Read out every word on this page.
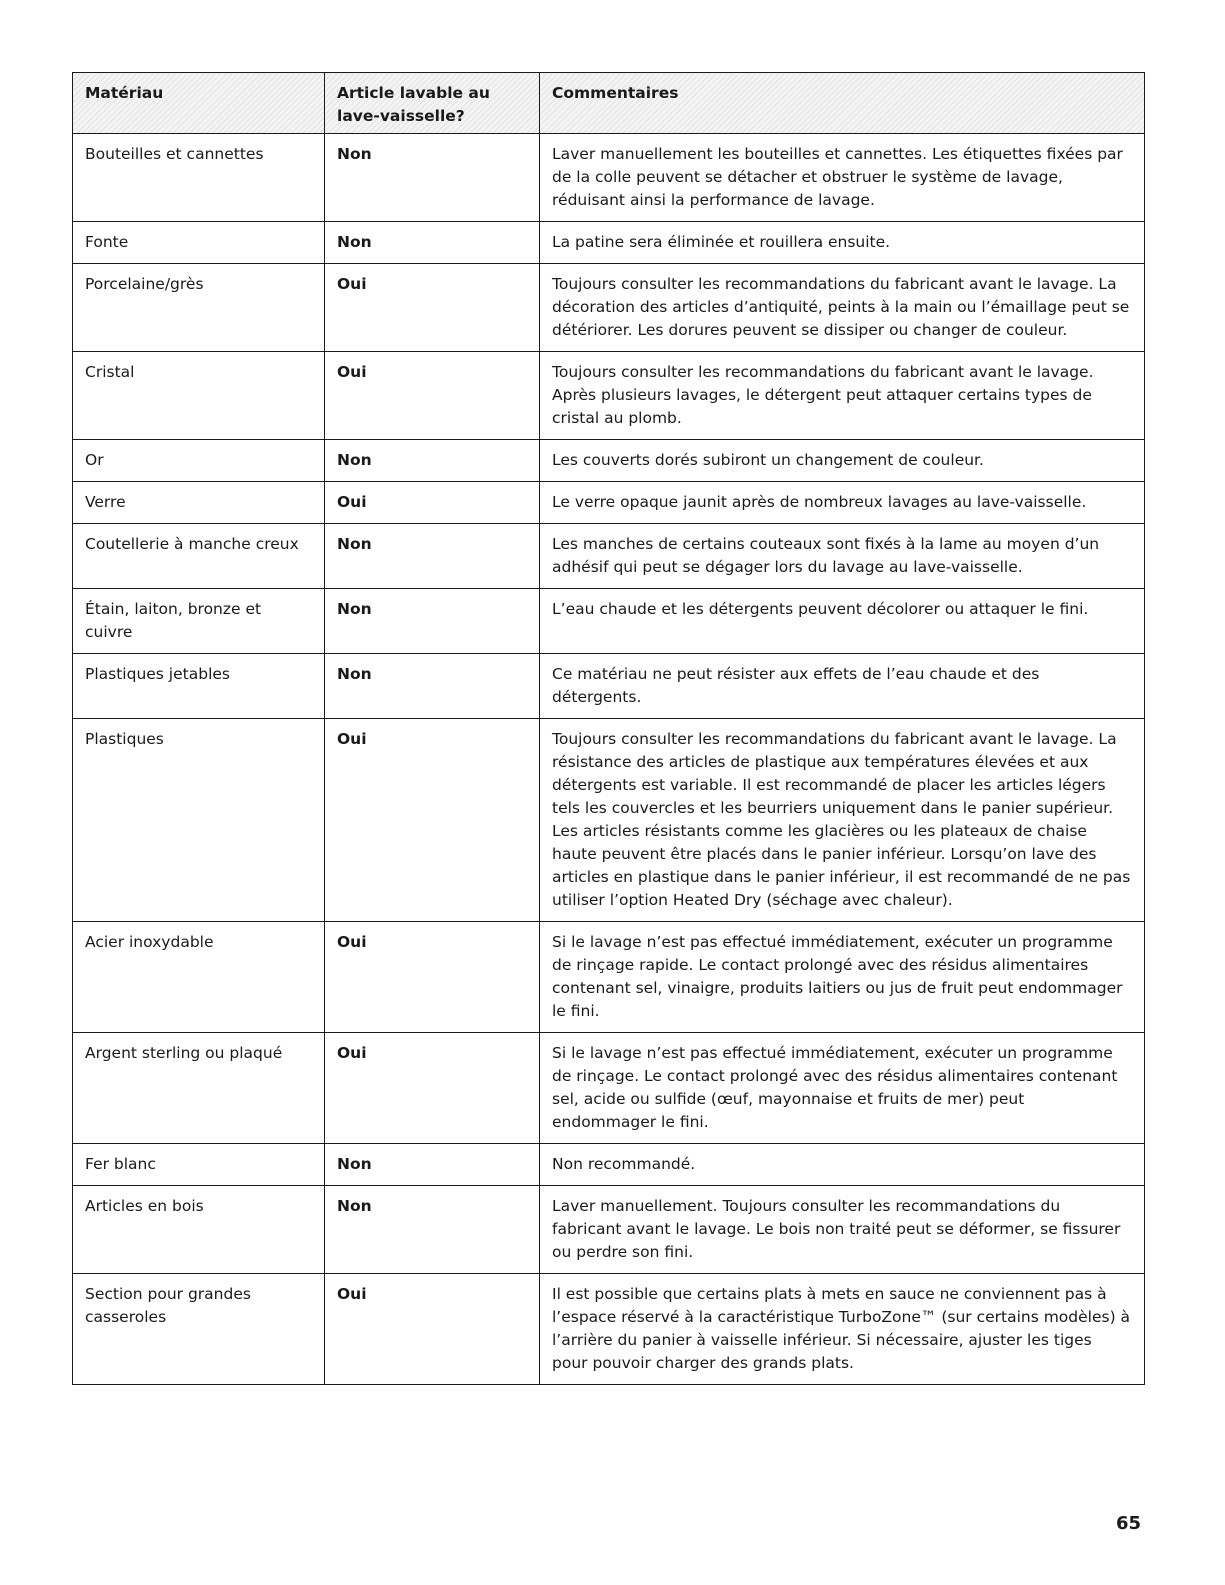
Matériau	Article lavable au lave-vaisselle?	Commentaires
Bouteilles et cannettes	Non	Laver manuellement les bouteilles et cannettes. Les étiquettes fixées par de la colle peuvent se détacher et obstruer le système de lavage, réduisant ainsi la performance de lavage.
Fonte	Non	La patine sera éliminée et rouillera ensuite.
Porcelaine/grès	Oui	Toujours consulter les recommandations du fabricant avant le lavage. La décoration des articles d’antiquité, peints à la main ou l’émaillage peut se détériorer. Les dorures peuvent se dissiper ou changer de couleur.
Cristal	Oui	Toujours consulter les recommandations du fabricant avant le lavage. Après plusieurs lavages, le détergent peut attaquer certains types de cristal au plomb.
Or	Non	Les couverts dorés subiront un changement de couleur.
Verre	Oui	Le verre opaque jaunit après de nombreux lavages au lave-vaisselle.
Coutellerie à manche creux	Non	Les manches de certains couteaux sont fixés à la lame au moyen d’un adhésif qui peut se dégager lors du lavage au lave-vaisselle.
Étain, laiton, bronze et cuivre	Non	L’eau chaude et les détergents peuvent décolorer ou attaquer le fini.
Plastiques jetables	Non	Ce matériau ne peut résister aux effets de l’eau chaude et des détergents.
Plastiques	Oui	Toujours consulter les recommandations du fabricant avant le lavage. La résistance des articles de plastique aux températures élevées et aux détergents est variable. Il est recommandé de placer les articles légers tels les couvercles et les beurriers uniquement dans le panier supérieur. Les articles résistants comme les glacières ou les plateaux de chaise haute peuvent être placés dans le panier inférieur. Lorsqu’on lave des articles en plastique dans le panier inférieur, il est recommandé de ne pas utiliser l’option Heated Dry (séchage avec chaleur).
Acier inoxydable	Oui	Si le lavage n’est pas effectué immédiatement, exécuter un programme de rinçage rapide. Le contact prolongé avec des résidus alimentaires contenant sel, vinaigre, produits laitiers ou jus de fruit peut endommager le fini.
Argent sterling ou plaqué	Oui	Si le lavage n’est pas effectué immédiatement, exécuter un programme de rinçage. Le contact prolongé avec des résidus alimentaires contenant sel, acide ou sulfide (œuf, mayonnaise et fruits de mer) peut endommager le fini.
Fer blanc	Non	Non recommandé.
Articles en bois	Non	Laver manuellement. Toujours consulter les recommandations du fabricant avant le lavage. Le bois non traité peut se déformer, se fissurer ou perdre son fini.
Section pour grandes casseroles	Oui	Il est possible que certains plats à mets en sauce ne conviennent pas à l’espace réservé à la caractéristique TurboZone™ (sur certains modèles) à l’arrière du panier à vaisselle inférieur. Si nécessaire, ajuster les tiges pour pouvoir charger des grands plats.
65
